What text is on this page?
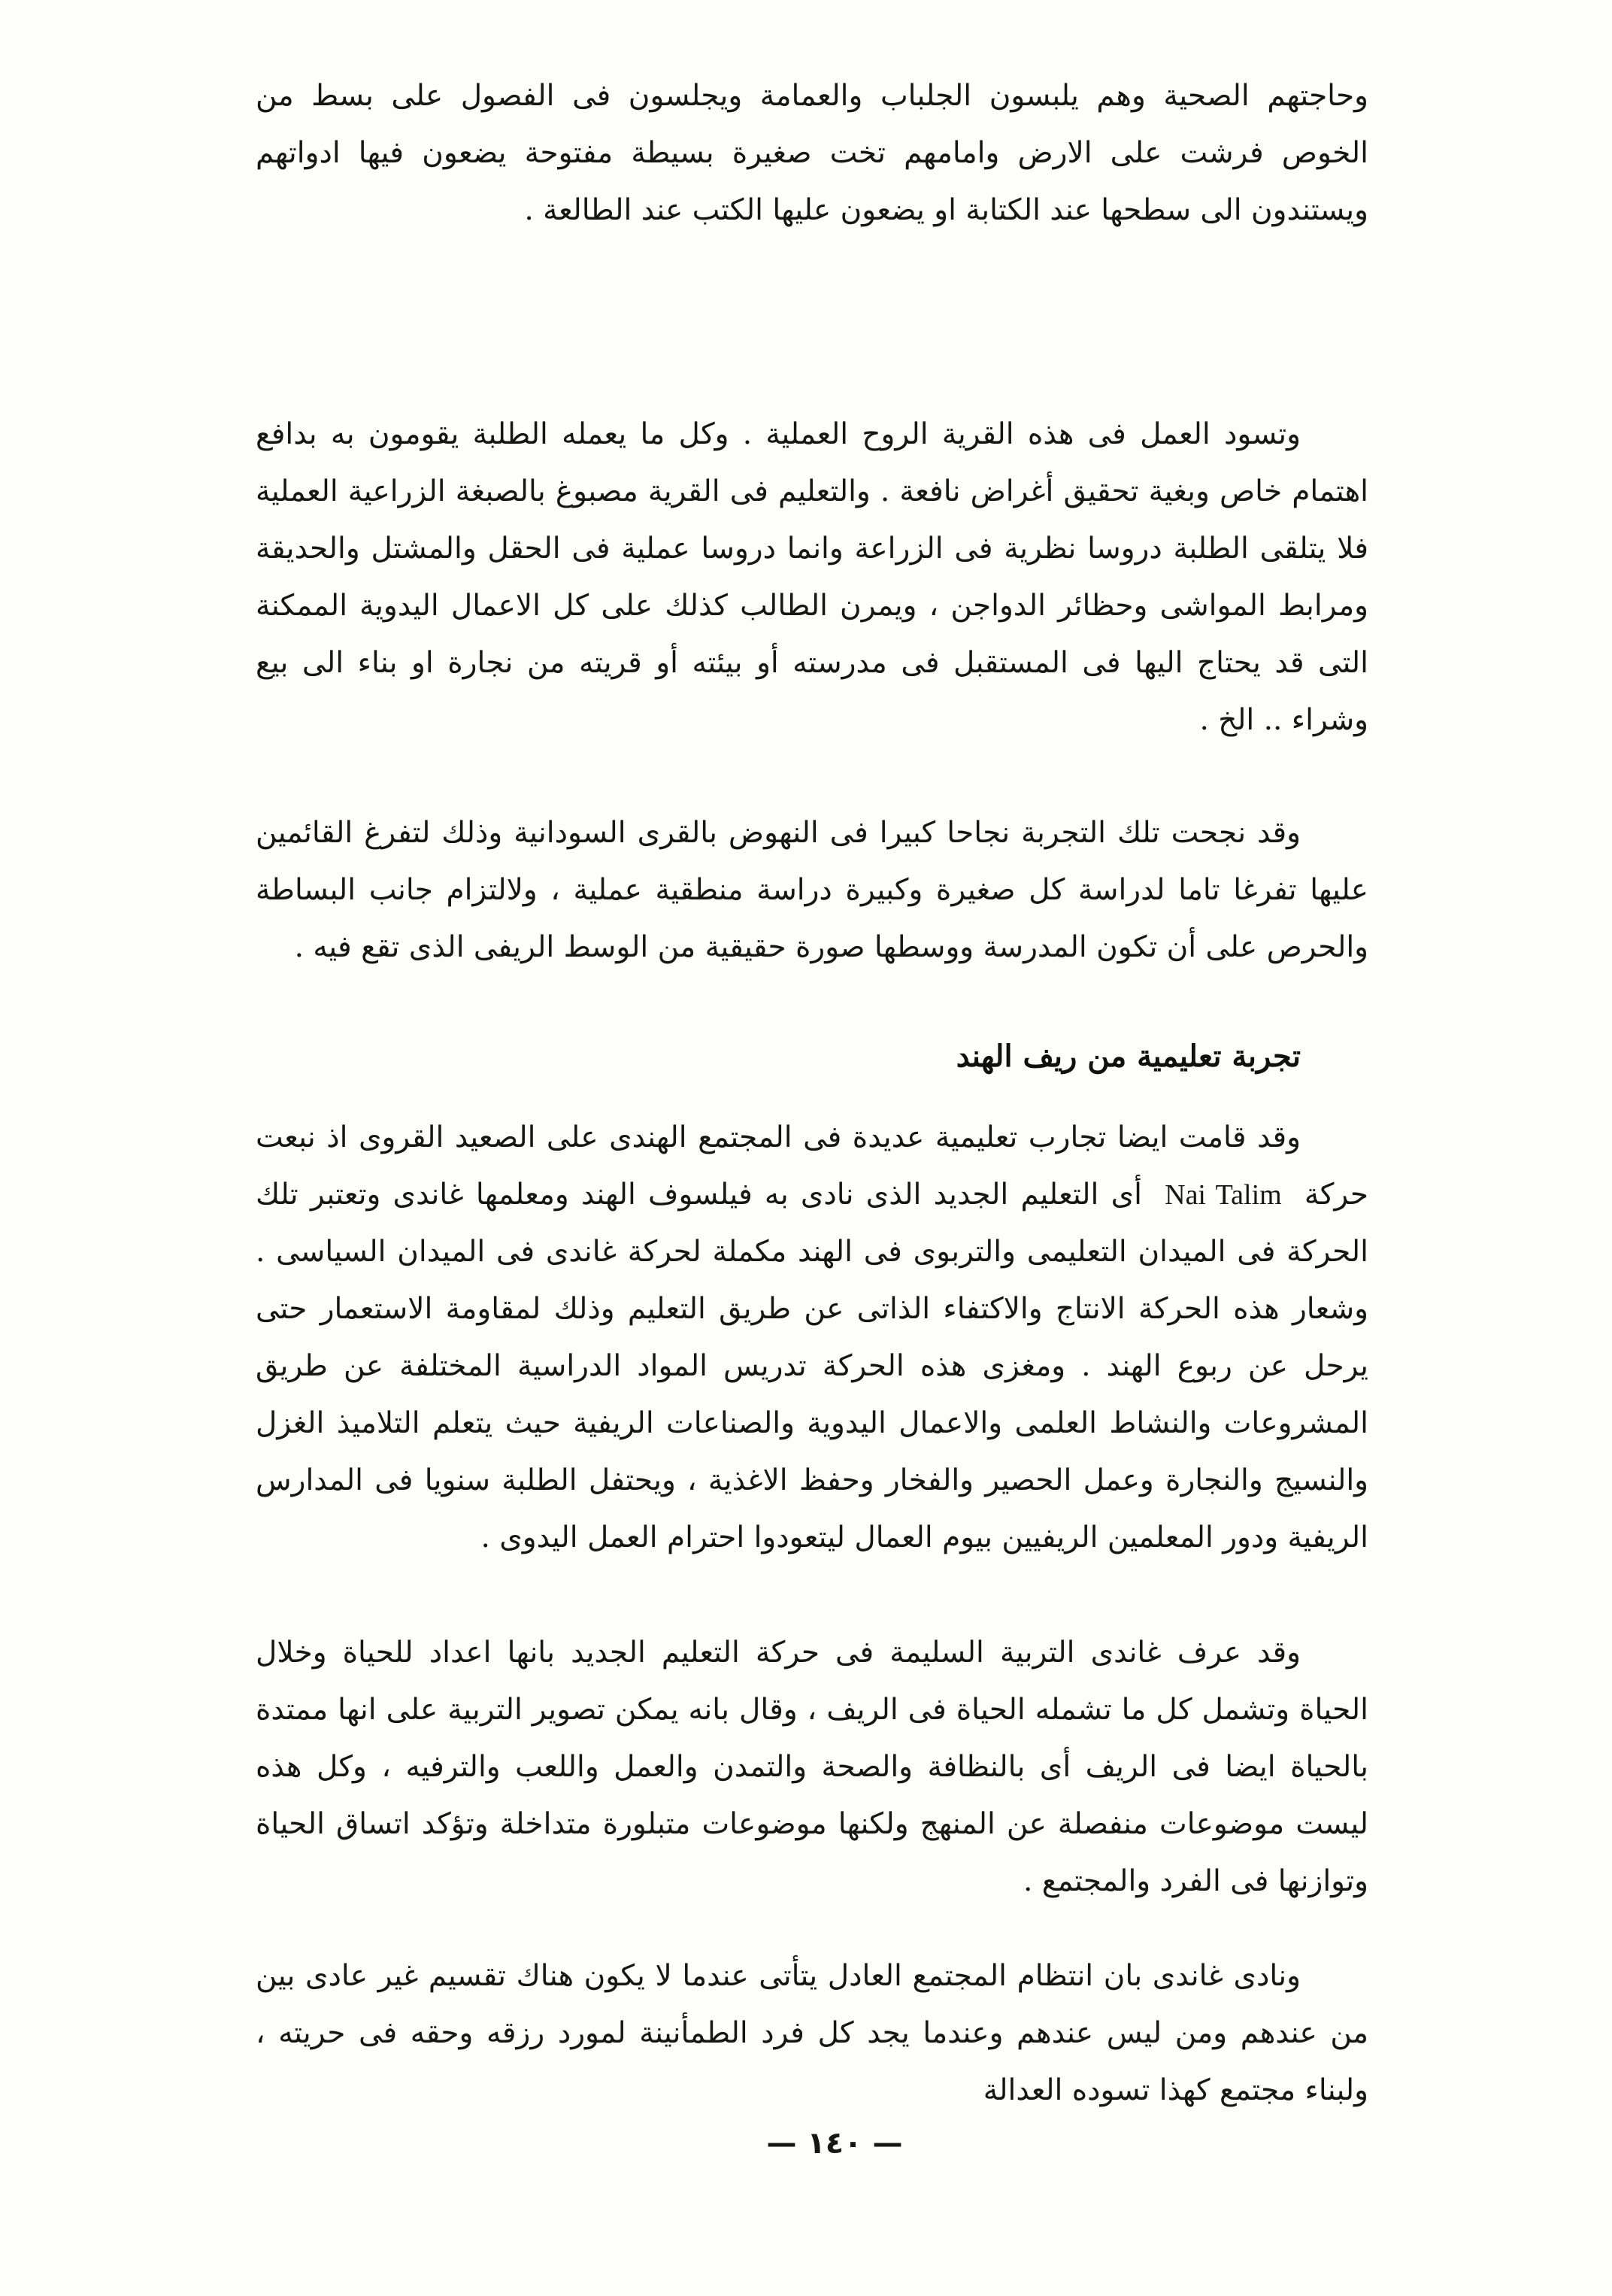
وحاجتهم الصحية وهم يلبسون الجلباب والعمامة ويجلسون فى الفصول على بسط من الخوص فرشت على الارض وامامهم تخت صغيرة بسيطة مفتوحة يضعون فيها ادواتهم ويستندون الى سطحها عند الكتابة او يضعون عليها الكتب عند الطالعة .

وتسود العمل فى هذه القرية الروح العملية . وكل ما يعمله الطلبة يقومون به بدافع اهتمام خاص وبغية تحقيق أغراض نافعة . والتعليم فى القرية مصبوغ بالصبغة الزراعية العملية فلا يتلقى الطلبة دروسا نظرية فى الزراعة وانما دروسا عملية فى الحقل والمشتل والحديقة ومرابط المواشى وحظائر الدواجن ، ويمرن الطالب كذلك على كل الاعمال اليدوية الممكنة التى قد يحتاج اليها فى المستقبل فى مدرسته أو بيئته أو قريته من نجارة او بناء الى بيع وشراء .. الخ .

وقد نجحت تلك التجربة نجاحا كبيرا فى النهوض بالقرى السودانية وذلك لتفرغ القائمين عليها تفرغا تاما لدراسة كل صغيرة وكبيرة دراسة منطقية عملية ، ولالتزام جانب البساطة والحرص على أن تكون المدرسة ووسطها صورة حقيقية من الوسط الريفى الذى تقع فيه .

تجربة تعليمية من ريف الهند

وقد قامت ايضا تجارب تعليمية عديدة فى المجتمع الهندى على الصعيد القروى اذ نبعت حركة Nai Talim أى التعليم الجديد الذى نادى به فيلسوف الهند ومعلمها غاندى وتعتبر تلك الحركة فى الميدان التعليمى والتربوى فى الهند مكملة لحركة غاندى فى الميدان السياسى . وشعار هذه الحركة الانتاج والاكتفاء الذاتى عن طريق التعليم وذلك لمقاومة الاستعمار حتى يرحل عن ربوع الهند . ومغزى هذه الحركة تدريس المواد الدراسية المختلفة عن طريق المشروعات والنشاط العلمى والاعمال اليدوية والصناعات الريفية حيث يتعلم التلاميذ الغزل والنسيج والنجارة وعمل الحصير والفخار وحفظ الاغذية ، ويحتفل الطلبة سنويا فى المدارس الريفية ودور المعلمين الريفيين بيوم العمال ليتعودوا احترام العمل اليدوى .

وقد عرف غاندى التربية السليمة فى حركة التعليم الجديد بانها اعداد للحياة وخلال الحياة وتشمل كل ما تشمله الحياة فى الريف ، وقال بانه يمكن تصوير التربية على انها ممتدة بالحياة ايضا فى الريف أى بالنظافة والصحة والتمدن والعمل واللعب والترفيه ، وكل هذه ليست موضوعات منفصلة عن المنهج ولكنها موضوعات متبلورة متداخلة وتؤكد اتساق الحياة وتوازنها فى الفرد والمجتمع .

ونادى غاندى بان انتظام المجتمع العادل يتأتى عندما لا يكون هناك تقسيم غير عادى بين من عندهم ومن ليس عندهم وعندما يجد كل فرد الطمأنينة لمورد رزقه وحقه فى حريته ، ولبناء مجتمع كهذا تسوده العدالة

— ١٤٠ —
